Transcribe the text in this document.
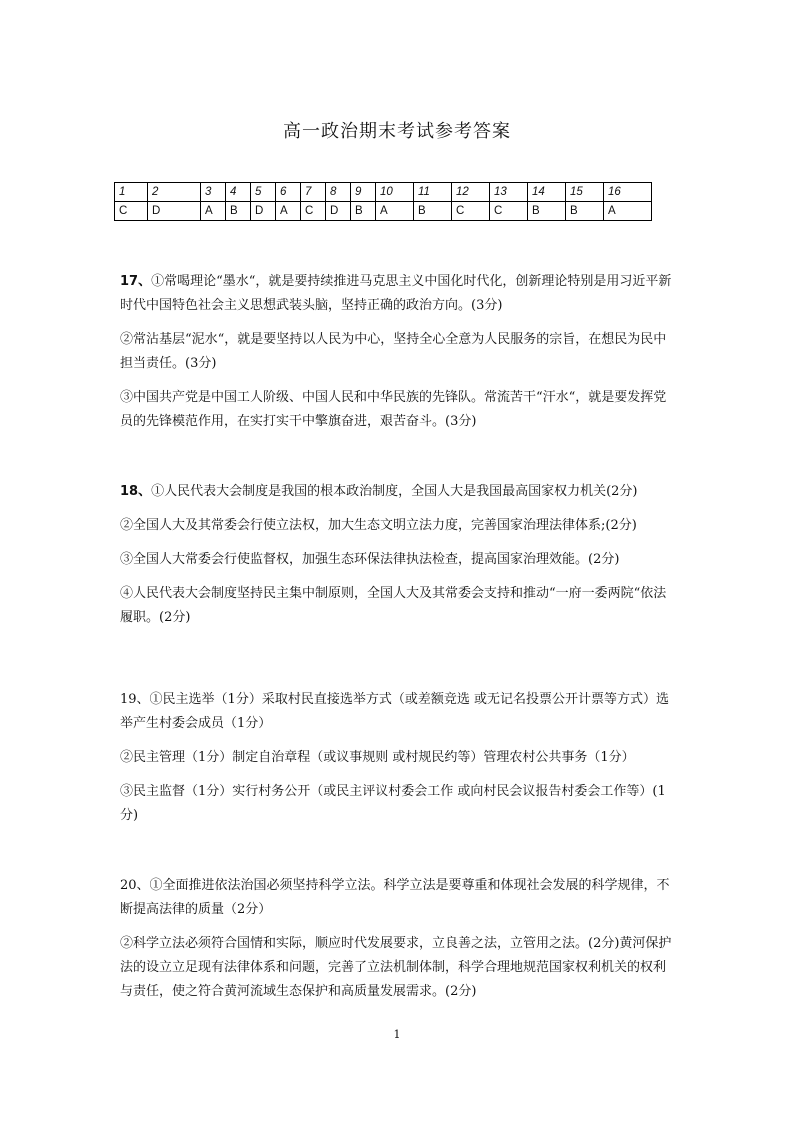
高一政治期末考试参考答案
1	2	3	4	5	6	7	8	9	10	11	12	13	14	15	16
C	D	A	B	D	A	C	D	B	A	B	C	C	B	B	A

17、①常喝理论“墨水“，就是要持续推进马克思主义中国化时代化，创新理论特别是用习近平新时代中国特色社会主义思想武装头脑，坚持正确的政治方向。(3分)

②常沾基层“泥水“，就是要坚持以人民为中心，坚持全心全意为人民服务的宗旨，在想民为民中担当责任。(3分)

③中国共产党是中国工人阶级、中国人民和中华民族的先锋队。常流苦干“汗水“，就是要发挥党员的先锋模范作用，在实打实干中擎旗奋进，艰苦奋斗。(3分)

18、①人民代表大会制度是我国的根本政治制度，全国人大是我国最高国家权力机关(2分)

②全国人大及其常委会行使立法权，加大生态文明立法力度，完善国家治理法律体系;(2分)

③全国人大常委会行使监督权，加强生态环保法律执法检查，提高国家治理效能。(2分)

④人民代表大会制度坚持民主集中制原则，全国人大及其常委会支持和推动“一府一委两院“依法履职。(2分)

19、①民主选举（1分）采取村民直接选举方式（或差额竞选 或无记名投票公开计票等方式）选举产生村委会成员（1分）

②民主管理（1分）制定自治章程（或议事规则 或村规民约等）管理农村公共事务（1分）

③民主监督（1分）实行村务公开（或民主评议村委会工作 或向村民会议报告村委会工作等）(1分)

20、①全面推进依法治国必须坚持科学立法。科学立法是要尊重和体现社会发展的科学规律，不断提高法律的质量（2分）

②科学立法必须符合国情和实际，顺应时代发展要求，立良善之法，立管用之法。(2分)黄河保护法的设立立足现有法律体系和问题，完善了立法机制体制，科学合理地规范国家权利机关的权利与责任，使之符合黄河流域生态保护和高质量发展需求。(2分)

1
